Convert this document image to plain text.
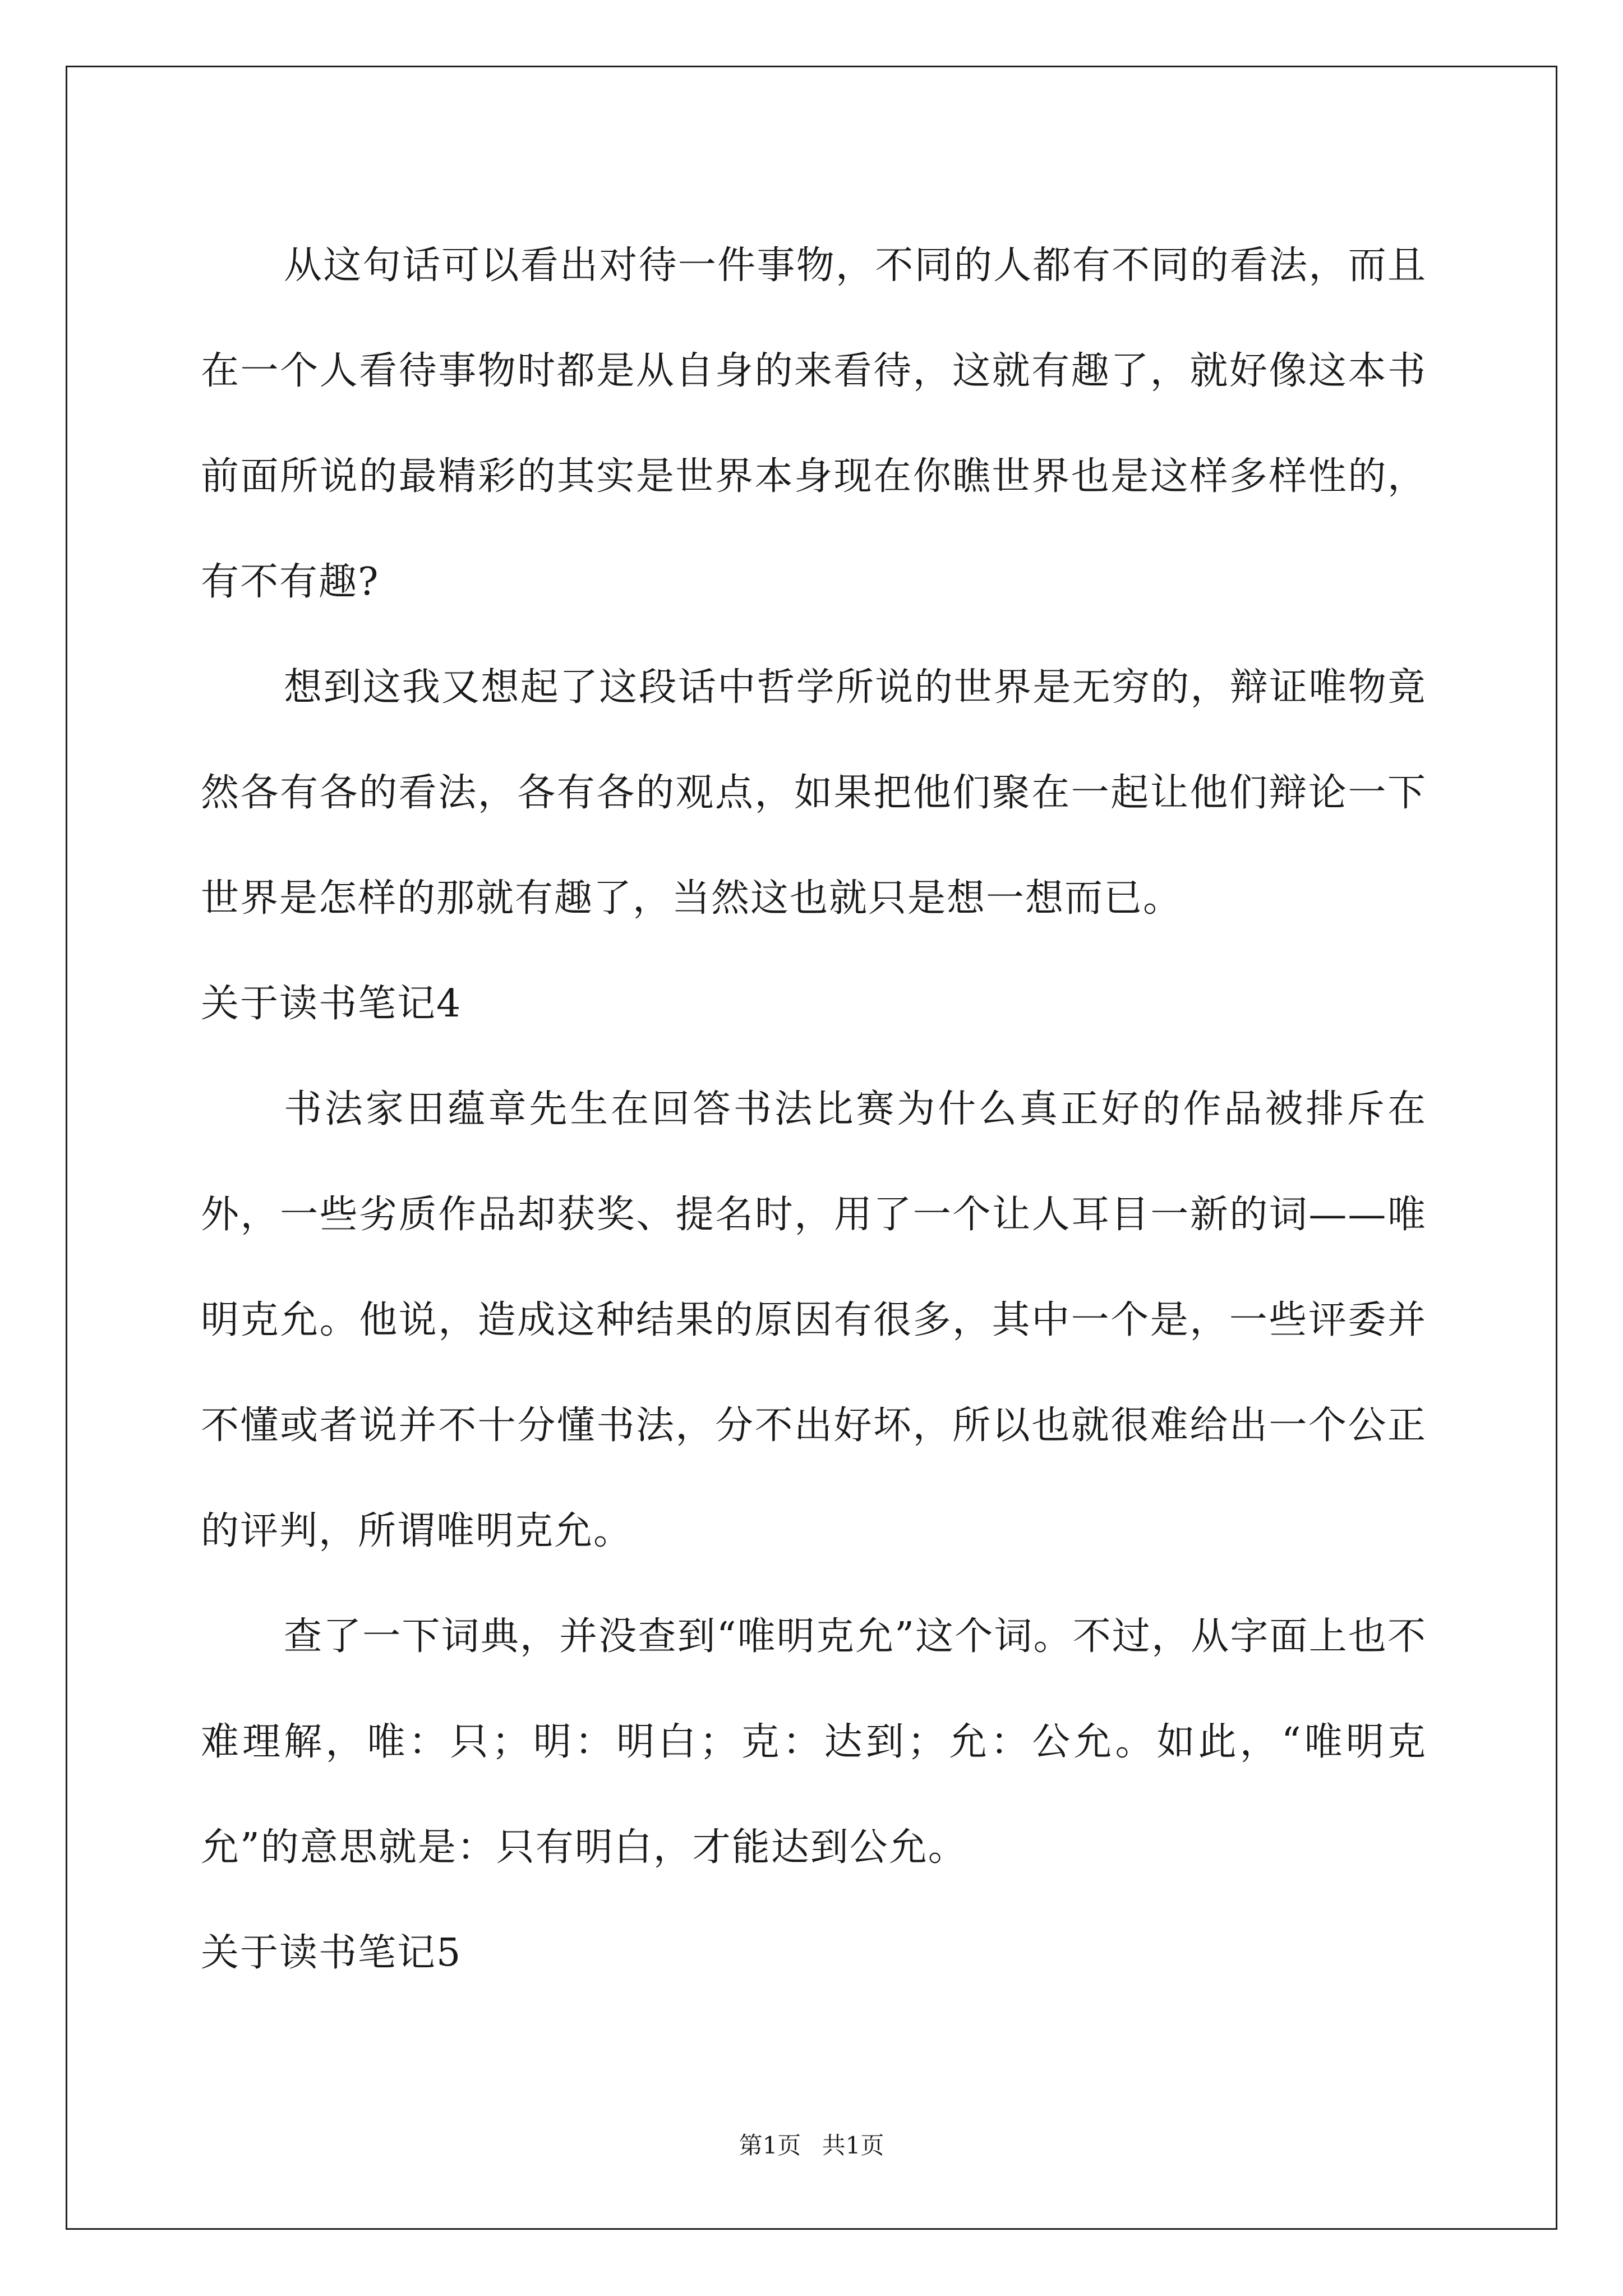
从这句话可以看出对待一件事物，不同的人都有不同的看法，而且在一个人看待事物时都是从自身的来看待，这就有趣了，就好像这本书前面所说的最精彩的其实是世界本身现在你瞧世界也是这样多样性的，有不有趣?

想到这我又想起了这段话中哲学所说的世界是无穷的，辩证唯物竟然各有各的看法，各有各的观点，如果把他们聚在一起让他们辩论一下世界是怎样的那就有趣了，当然这也就只是想一想而已。

关于读书笔记4

书法家田蕴章先生在回答书法比赛为什么真正好的作品被排斥在外，一些劣质作品却获奖、提名时，用了一个让人耳目一新的词——唯明克允。他说，造成这种结果的原因有很多，其中一个是，一些评委并不懂或者说并不十分懂书法，分不出好坏，所以也就很难给出一个公正的评判，所谓唯明克允。

查了一下词典，并没查到“唯明克允”这个词。不过，从字面上也不难理解，唯：只；明：明白；克：达到；允：公允。如此，“唯明克允”的意思就是：只有明白，才能达到公允。

关于读书笔记5

第1页 共1页
